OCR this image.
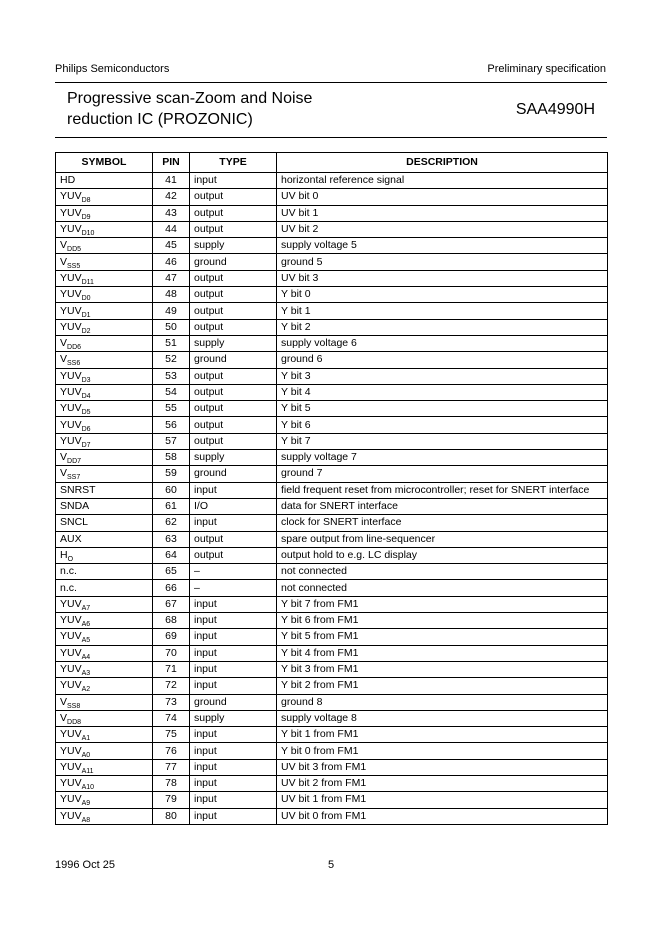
Philips Semiconductors	Preliminary specification
Progressive scan-Zoom and Noise reduction IC (PROZONIC)
SAA4990H
SYMBOL	PIN	TYPE	DESCRIPTION
HD	41	input	horizontal reference signal
$YUV_{D8}$	42	output	UV bit 0
$YUV_{D9}$	43	output	UV bit 1
$YUV_{D10}$	44	output	UV bit 2
$V_{DD5}$	45	supply	supply voltage 5
$V_{SS5}$	46	ground	ground 5
$YUV_{D11}$	47	output	UV bit 3
$YUV_{D0}$	48	output	Y bit 0
$YUV_{D1}$	49	output	Y bit 1
$YUV_{D2}$	50	output	Y bit 2
$V_{DD6}$	51	supply	supply voltage 6
$V_{SS6}$	52	ground	ground 6
$YUV_{D3}$	53	output	Y bit 3
$YUV_{D4}$	54	output	Y bit 4
$YUV_{D5}$	55	output	Y bit 5
$YUV_{D6}$	56	output	Y bit 6
$YUV_{D7}$	57	output	Y bit 7
$V_{DD7}$	58	supply	supply voltage 7
$V_{SS7}$	59	ground	ground 7
SNRST	60	input	field frequent reset from microcontroller; reset for SNERT interface
SNDA	61	I/O	data for SNERT interface
SNCL	62	input	clock for SNERT interface
AUX	63	output	spare output from line-sequencer
$H_O$	64	output	output hold to e.g. LC display
n.c.	65	–	not connected
n.c.	66	–	not connected
$YUV_{A7}$	67	input	Y bit 7 from FM1
$YUV_{A6}$	68	input	Y bit 6 from FM1
$YUV_{A5}$	69	input	Y bit 5 from FM1
$YUV_{A4}$	70	input	Y bit 4 from FM1
$YUV_{A3}$	71	input	Y bit 3 from FM1
$YUV_{A2}$	72	input	Y bit 2 from FM1
$V_{SS8}$	73	ground	ground 8
$V_{DD8}$	74	supply	supply voltage 8
$YUV_{A1}$	75	input	Y bit 1 from FM1
$YUV_{A0}$	76	input	Y bit 0 from FM1
$YUV_{A11}$	77	input	UV bit 3 from FM1
$YUV_{A10}$	78	input	UV bit 2 from FM1
$YUV_{A9}$	79	input	UV bit 1 from FM1
$YUV_{A8}$	80	input	UV bit 0 from FM1
1996 Oct 25	5
